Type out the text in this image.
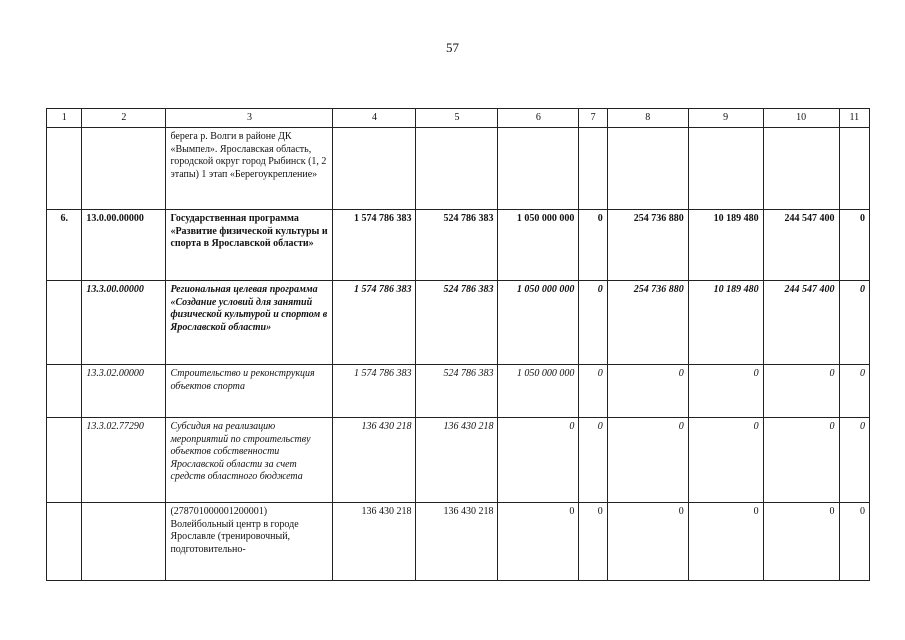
57
1	2	3	4	5	6	7	8	9	10	11
		берега р. Волги в районе ДК «Вымпел». Ярославская область, городской округ город Рыбинск (1, 2 этапы) 1 этап «Берегоукрепление»								
6.	13.0.00.00000	Государственная программа «Развитие физической культуры и спорта в Ярославской области»	1 574 786 383	524 786 383	1 050 000 000	0	254 736 880	10 189 480	244 547 400	0
	13.3.00.00000	Региональная целевая программа «Создание условий для занятий физической культурой и спортом в Ярославской области»	1 574 786 383	524 786 383	1 050 000 000	0	254 736 880	10 189 480	244 547 400	0
	13.3.02.00000	Строительство и реконструкция объектов спорта	1 574 786 383	524 786 383	1 050 000 000	0	0	0	0	0
	13.3.02.77290	Субсидия на реализацию мероприятий по строительству объектов собственности Ярославской области за счет средств областного бюджета	136 430 218	136 430 218	0	0	0	0	0	0
		(278701000001200001) Волейбольный центр в городе Ярославле (тренировочный, подготовительно-	136 430 218	136 430 218	0	0	0	0	0	0
